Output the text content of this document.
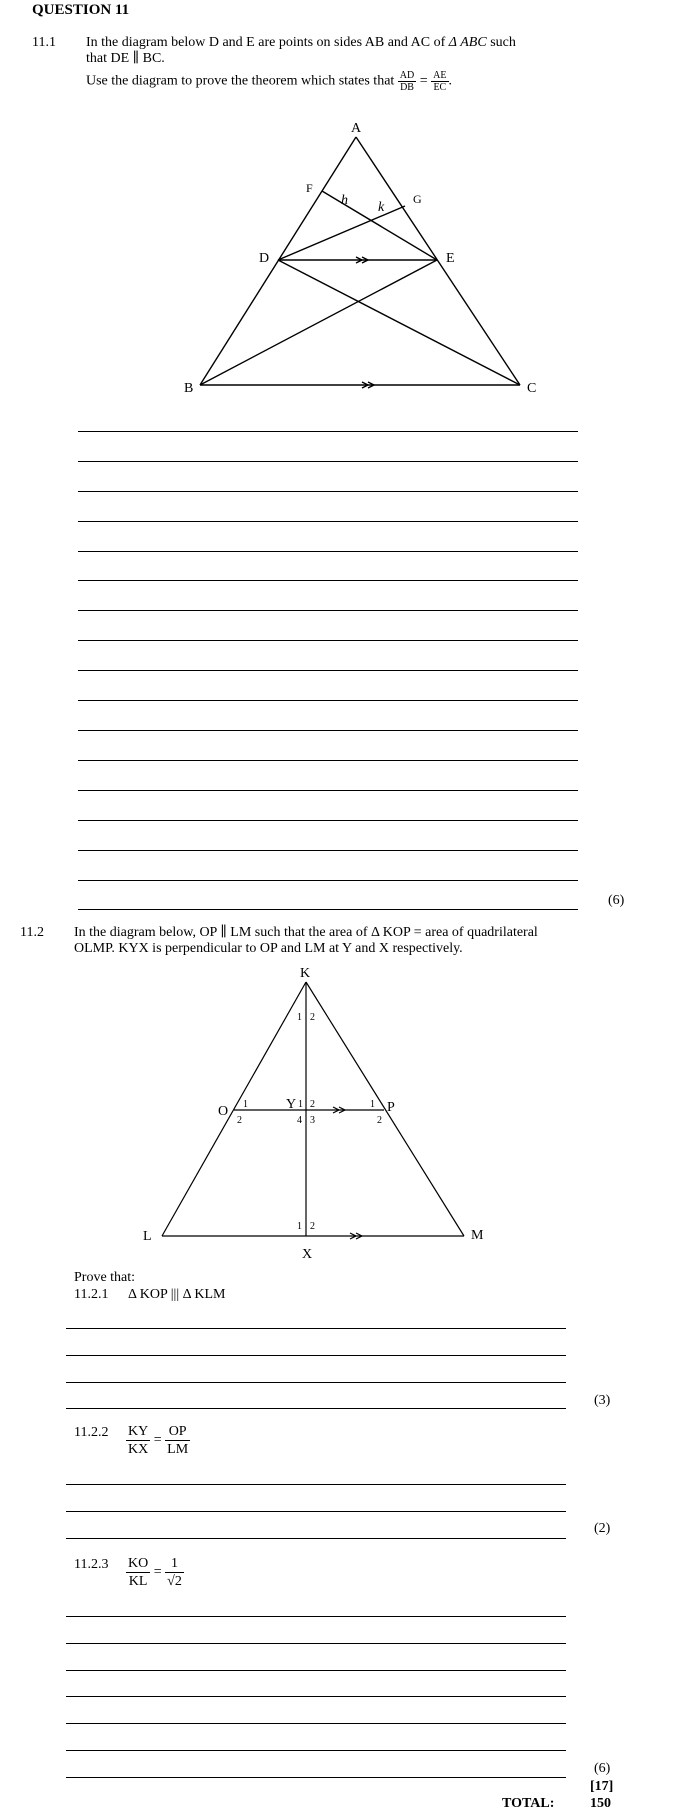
QUESTION 11
11.1 In the diagram below D and E are points on sides AB and AC of Δ ABC such
that DE ∥ BC.
Use the diagram to prove the theorem which states that $\frac{AD}{DB} = \frac{AE}{EC}$ .
A
B	C
D	E
F
G
h k
(6)
11.2 In the diagram below, OP ∥ LM such that the area of Δ KOP = area of quadrilateral
OLMP. KYX is perpendicular to OP and LM at Y and X respectively.
K
O	P
L	M
X
Y
1 2
1
2
1 2
3
4
1
2
1 2
Prove that:
11.2.1 Δ KOP ||| Δ KLM
(3)
$11.2.2 \frac{KY}{KX} = \frac{OP}{LM}$
(2)
$11.2.3 \frac{KO}{KL} = \frac{1}{√2}$
(6)
[17]
TOTAL:	150
